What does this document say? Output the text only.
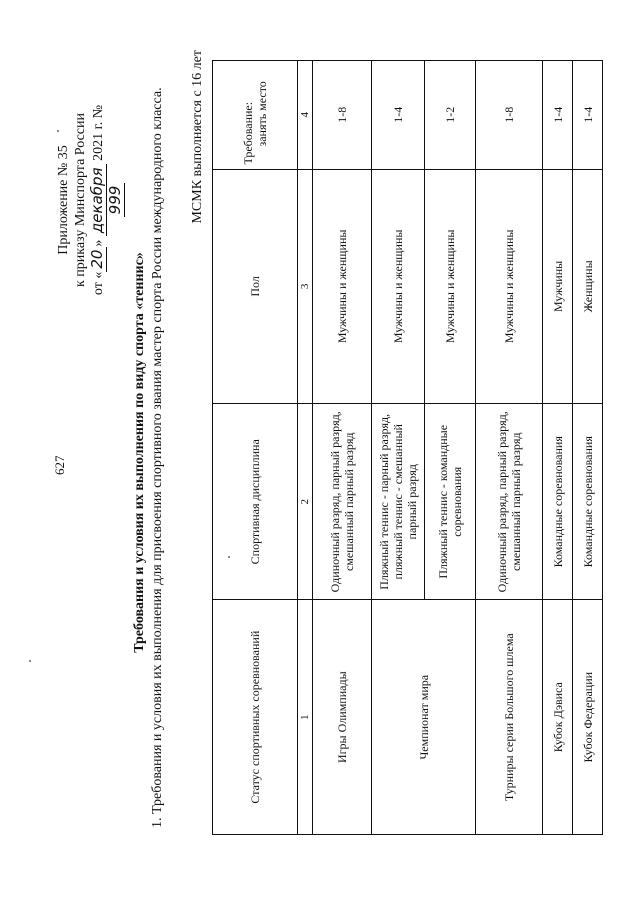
627
Приложение № 35 к приказу Минспорта России от «20» декабря 2021 г. № 999
Требования и условия их выполнения по виду спорта «теннис» 1. Требования и условия их выполнения для присвоения спортивного звания мастер спорта России международного класса. МСМК выполняется с 16 лет
Статус спортивных соревнований	Спортивная дисциплина	Пол	Требование: занять место

1	2	3	4
Игры Олимпиады	Одиночный разряд, парный разряд, смешанный парный разряд	Мужчины и женщины	1-8
Чемпионат мира	Пляжный теннис - парный разряд, пляжный теннис - смешанный парный разряд	Мужчины и женщины	1-4
	Пляжный теннис - командные соревнования	Мужчины и женщины	1-2
Турниры серии Большого шлема	Одиночный разряд, парный разряд, смешанный парный разряд	Мужчины и женщины	1-8
Кубок Дэвиса	Командные соревнования	Мужчины	1-4
Кубок Федерации	Командные соревнования	Женщины	1-4
